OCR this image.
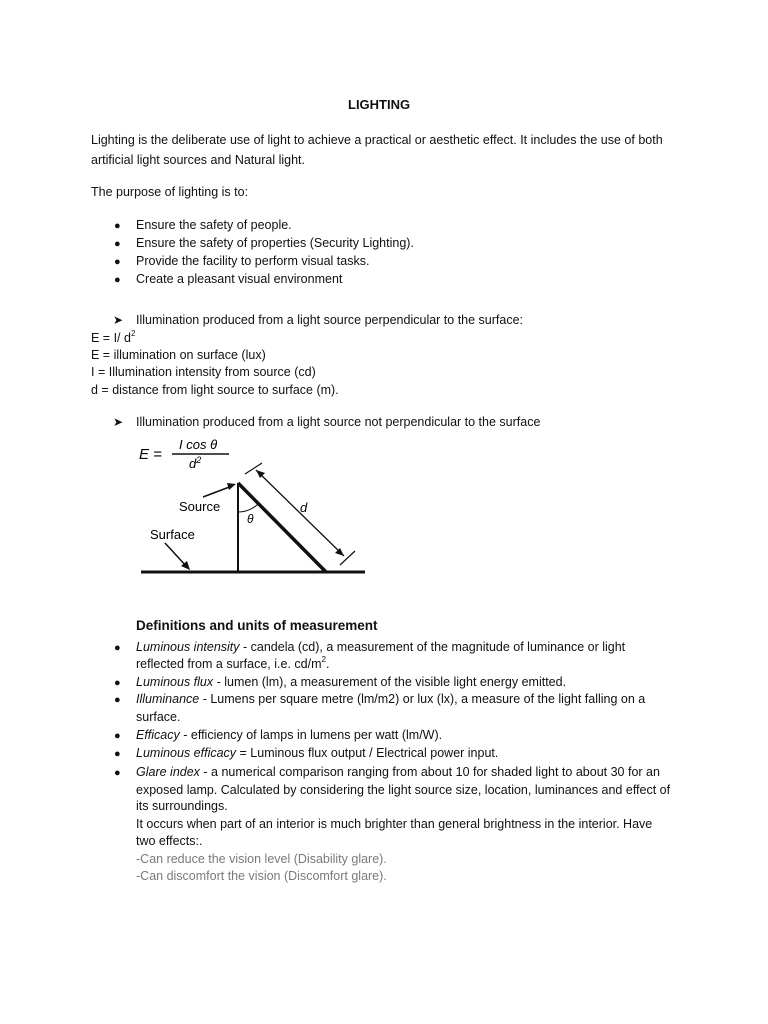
LIGHTING
Lighting is the deliberate use of light to achieve a practical or aesthetic effect. It includes the use of both
artificial light sources and Natural light.
The purpose of lighting is to:
● Ensure the safety of people.
● Ensure the safety of properties (Security Lighting).
● Provide the facility to perform visual tasks.
● Create a pleasant visual environment
➤ Illumination produced from a light source perpendicular to the surface:
E = I/ $d^2$
E = illumination on surface (lux)
I = Illumination intensity from source (cd)
d = distance from light source to surface (m).
➤ Illumination produced from a light source not perpendicular to the surface
E =
I cos θ
$d^2$
d
θ
Source
Surface
Definitions and units of measurement
● Luminous intensity - candela (cd), a measurement of the magnitude of luminance or light
reflected from a surface, i.e. $cd/m^2$.
● Luminous flux - lumen (lm), a measurement of the visible light energy emitted.
● Illuminance - Lumens per square metre (lm/m2) or lux (lx), a measure of the light falling on a
surface.
● Efficacy - efficiency of lamps in lumens per watt (lm/W).
● Luminous efficacy = Luminous flux output / Electrical power input.
● Glare index - a numerical comparison ranging from about 10 for shaded light to about 30 for an
exposed lamp. Calculated by considering the light source size, location, luminances and effect of
its surroundings.
It occurs when part of an interior is much brighter than general brightness in the interior. Have
two effects:.
-Can reduce the vision level (Disability glare).
-Can discomfort the vision (Discomfort glare).
